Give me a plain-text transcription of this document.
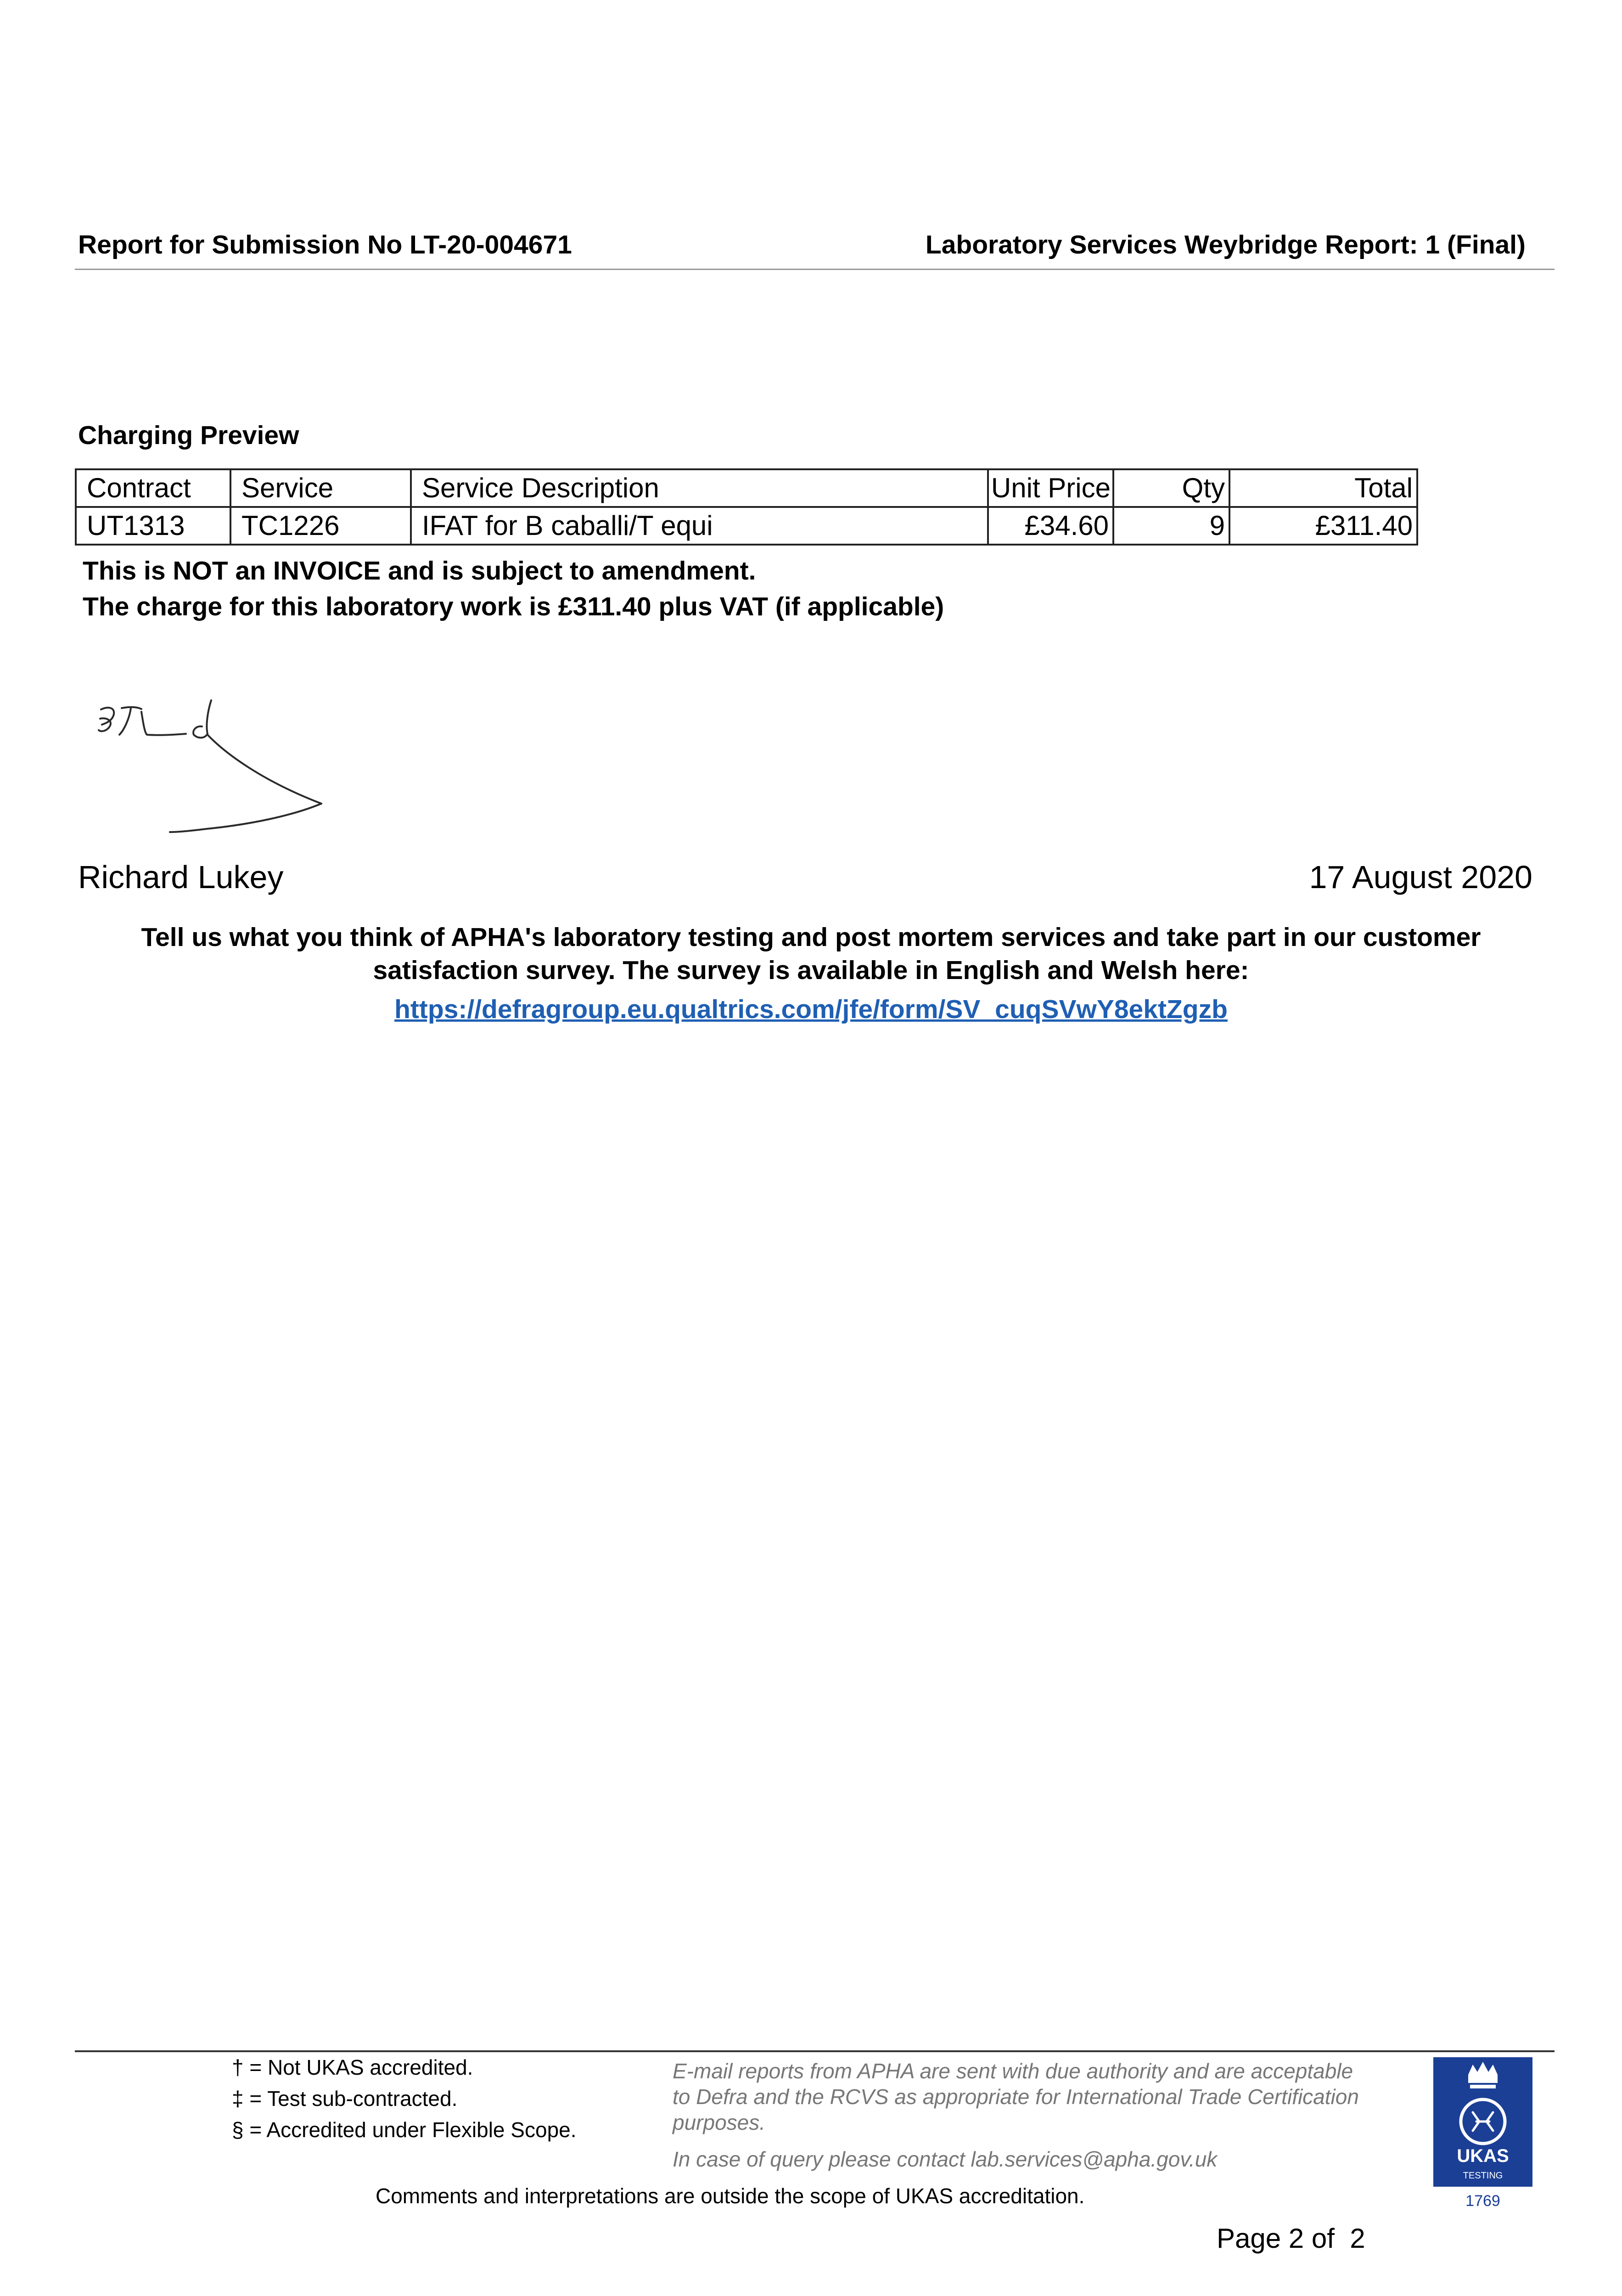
Report for Submission No LT-20-004671	Laboratory Services Weybridge Report: 1 (Final)
Charging Preview
Contract	Service	Service Description	Unit Price	Qty	Total
UT1313	TC1226	IFAT for B caballi/T equi	£34.60	9	£311.40
This is NOT an INVOICE and is subject to amendment.
The charge for this laboratory work is £311.40 plus VAT (if applicable)
Richard Lukey	17 August 2020
Tell us what you think of APHA's laboratory testing and post mortem services and take part in our customer satisfaction survey. The survey is available in English and Welsh here:
https://defragroup.eu.qualtrics.com/jfe/form/SV_cuqSVwY8ektZgzb
† = Not UKAS accredited.
‡ = Test sub-contracted.
§ = Accredited under Flexible Scope.
E-mail reports from APHA are sent with due authority and are acceptable to Defra and the RCVS as appropriate for International Trade Certification purposes.
In case of query please contact lab.services@apha.gov.uk
Comments and interpretations are outside the scope of UKAS accreditation.
UKAS
TESTING
1769
Page 2 of  2
